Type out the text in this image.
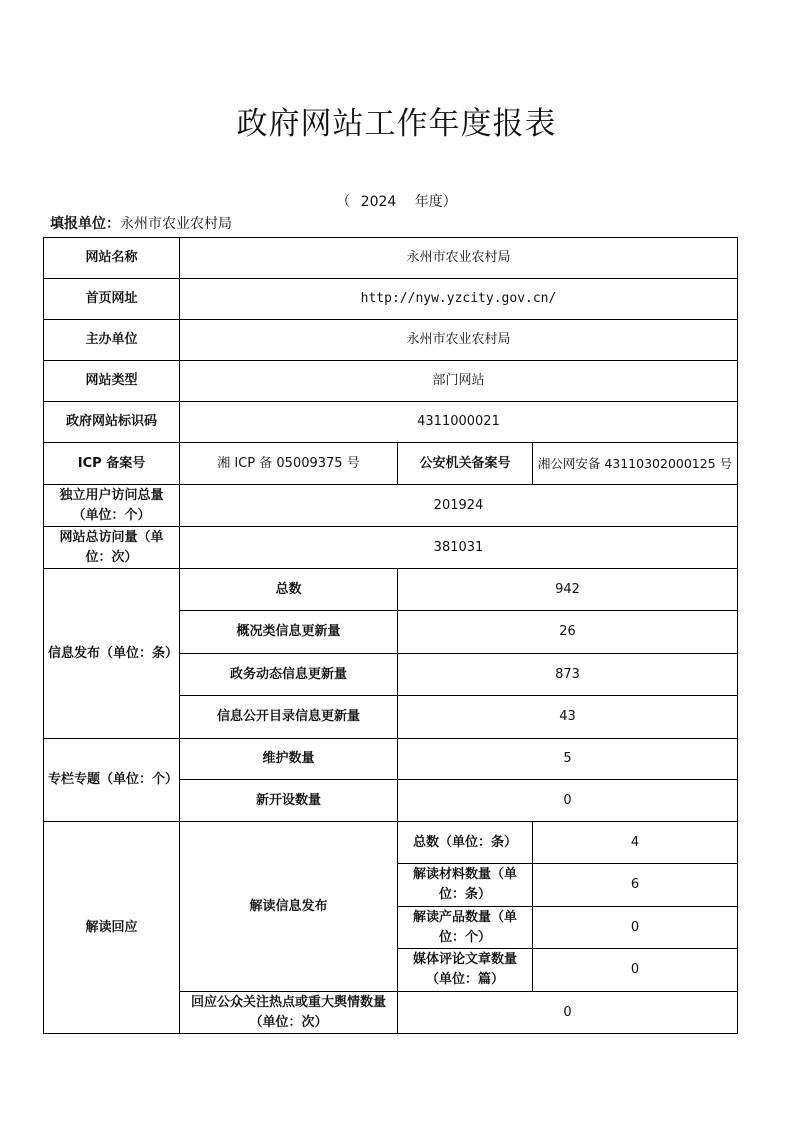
政府网站工作年度报表
（ 2024 年度）
填报单位：永州市农业农村局
网站名称	永州市农业农村局		
首页网址	http://nyw.yzcity.gov.cn/		
主办单位	永州市农业农村局		
网站类型	部门网站		
政府网站标识码	4311000021		
ICP 备案号	湘 ICP 备 05009375 号	公安机关备案号	湘公网安备 43110302000125 号
独立用户访问总量（单位：个）	201924		
网站总访问量（单位：次）	381031		
信息发布（单位：条）	总数	942	
	概况类信息更新量	26	
	政务动态信息更新量	873	
	信息公开目录信息更新量	43	
专栏专题（单位：个）	维护数量	5	
	新开设数量	0	
解读回应	解读信息发布	总数（单位：条）	4
		解读材料数量（单位：条）	6
		解读产品数量（单位：个）	0
		媒体评论文章数量（单位：篇）	0
	回应公众关注热点或重大舆情数量（单位：次）	0	
